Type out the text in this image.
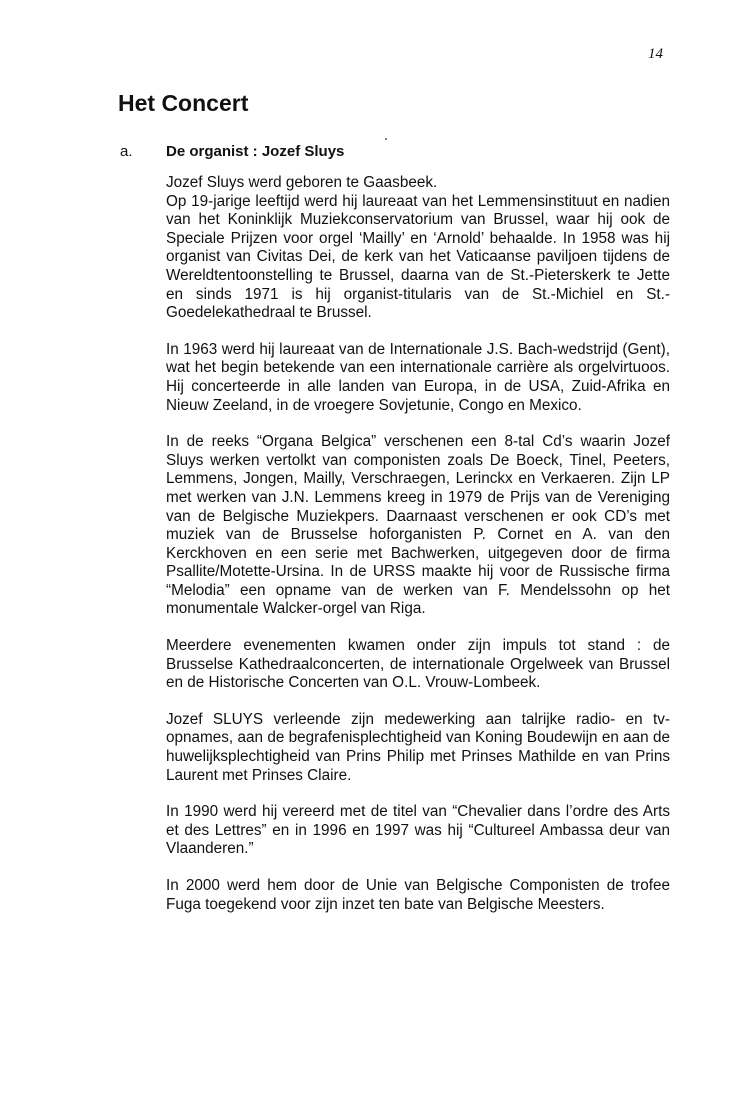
14
Het Concert
a. De organist : Jozef Sluys

Jozef Sluys werd geboren te Gaasbeek.
Op 19-jarige leeftijd werd hij laureaat van het Lemmensinstituut en nadien van het Koninklijk Muziekconservatorium van Brussel, waar hij ook de Speciale Prijzen voor orgel ‘Mailly’ en ‘Arnold’ behaalde. In 1958 was hij organist van Civitas Dei, de kerk van het Vaticaanse paviljoen tijdens de Wereldtentoonstelling te Brussel, daarna van de St.-Pieterskerk te Jette en sinds 1971 is hij organist-titularis van de St.-Michiel en St.-Goedelekathedraal te Brussel.

In 1963 werd hij laureaat van de Internationale J.S. Bach-wedstrijd (Gent), wat het begin betekende van een internationale carrière als orgelvirtuoos. Hij concerteerde in alle landen van Europa, in de USA, Zuid-Afrika en Nieuw Zeeland, in de vroegere Sovjetunie, Congo en Mexico.

In de reeks “Organa Belgica” verschenen een 8-tal Cd’s waarin Jozef Sluys werken vertolkt van componisten zoals De Boeck, Tinel, Peeters, Lemmens, Jongen, Mailly, Verschraegen, Lerinckx en Verkaeren. Zijn LP met werken van J.N. Lemmens kreeg in 1979 de Prijs van de Vereniging van de Belgische Muziekpers. Daarnaast verschenen er ook CD’s met muziek van de Brusselse hoforganisten P. Cornet en A. van den Kerckhoven en een serie met Bachwerken, uitgegeven door de firma Psallite/Motette-Ursina. In de URSS maakte hij voor de Russische firma “Melodia” een opname van de werken van F. Mendelssohn op het monumentale Walcker-orgel van Riga.

Meerdere evenementen kwamen onder zijn impuls tot stand : de Brusselse Kathedraalconcerten, de internationale Orgelweek van Brussel en de Historische Concerten van O.L. Vrouw-Lombeek.

Jozef SLUYS verleende zijn medewerking aan talrijke radio- en tv-opnames, aan de begrafenisplechtigheid van Koning Boudewijn en aan de huwelijksplechtigheid van Prins Philip met Prinses Mathilde en van Prins Laurent met Prinses Claire.

In 1990 werd hij vereerd met de titel van “Chevalier dans l’ordre des Arts et des Lettres” en in 1996 en 1997 was hij “Cultureel Ambassa deur van Vlaanderen.”

In 2000 werd hem door de Unie van Belgische Componisten de trofee Fuga toegekend voor zijn inzet ten bate van Belgische Meesters.
